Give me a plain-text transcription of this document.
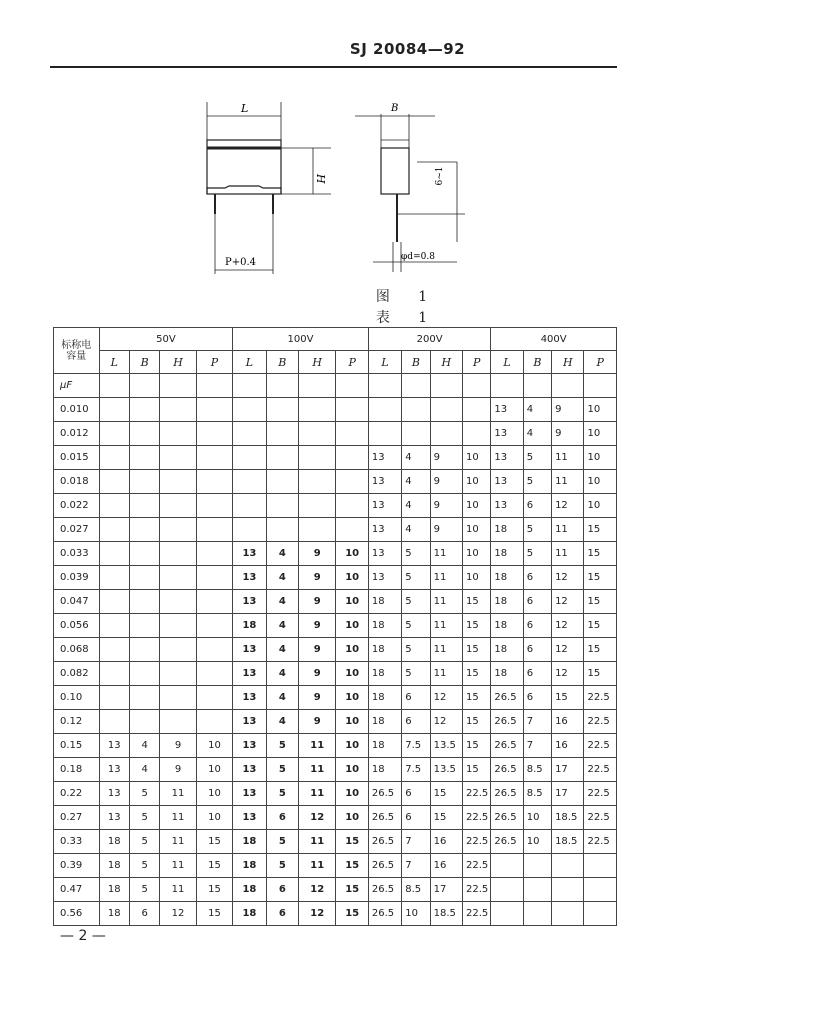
SJ 20084—92
L
H
P+0.4
B
6~1
φd=0.8
图 1
表 1
标称电
容量	50V				100V				200V				400V			
	L	B	H	P	L	B	H	P	L	B	H	P	L	B	H	P
μF																
0.010													13	4	9	10
0.012													13	4	9	10
0.015									13	4	9	10	13	5	11	10
0.018									13	4	9	10	13	5	11	10
0.022									13	4	9	10	13	6	12	10
0.027									13	4	9	10	18	5	11	15
0.033					13	4	9	10	13	5	11	10	18	5	11	15
0.039					13	4	9	10	13	5	11	10	18	6	12	15
0.047					13	4	9	10	18	5	11	15	18	6	12	15
0.056					18	4	9	10	18	5	11	15	18	6	12	15
0.068					13	4	9	10	18	5	11	15	18	6	12	15
0.082					13	4	9	10	18	5	11	15	18	6	12	15
0.10					13	4	9	10	18	6	12	15	26.5	6	15	22.5
0.12					13	4	9	10	18	6	12	15	26.5	7	16	22.5
0.15	13	4	9	10	13	5	11	10	18	7.5	13.5	15	26.5	7	16	22.5
0.18	13	4	9	10	13	5	11	10	18	7.5	13.5	15	26.5	8.5	17	22.5
0.22	13	5	11	10	13	5	11	10	26.5	6	15	22.5	26.5	8.5	17	22.5
0.27	13	5	11	10	13	6	12	10	26.5	6	15	22.5	26.5	10	18.5	22.5
0.33	18	5	11	15	18	5	11	15	26.5	7	16	22.5	26.5	10	18.5	22.5
0.39	18	5	11	15	18	5	11	15	26.5	7	16	22.5				
0.47	18	5	11	15	18	6	12	15	26.5	8.5	17	22.5				
0.56	18	6	12	15	18	6	12	15	26.5	10	18.5	22.5				
— 2 —
